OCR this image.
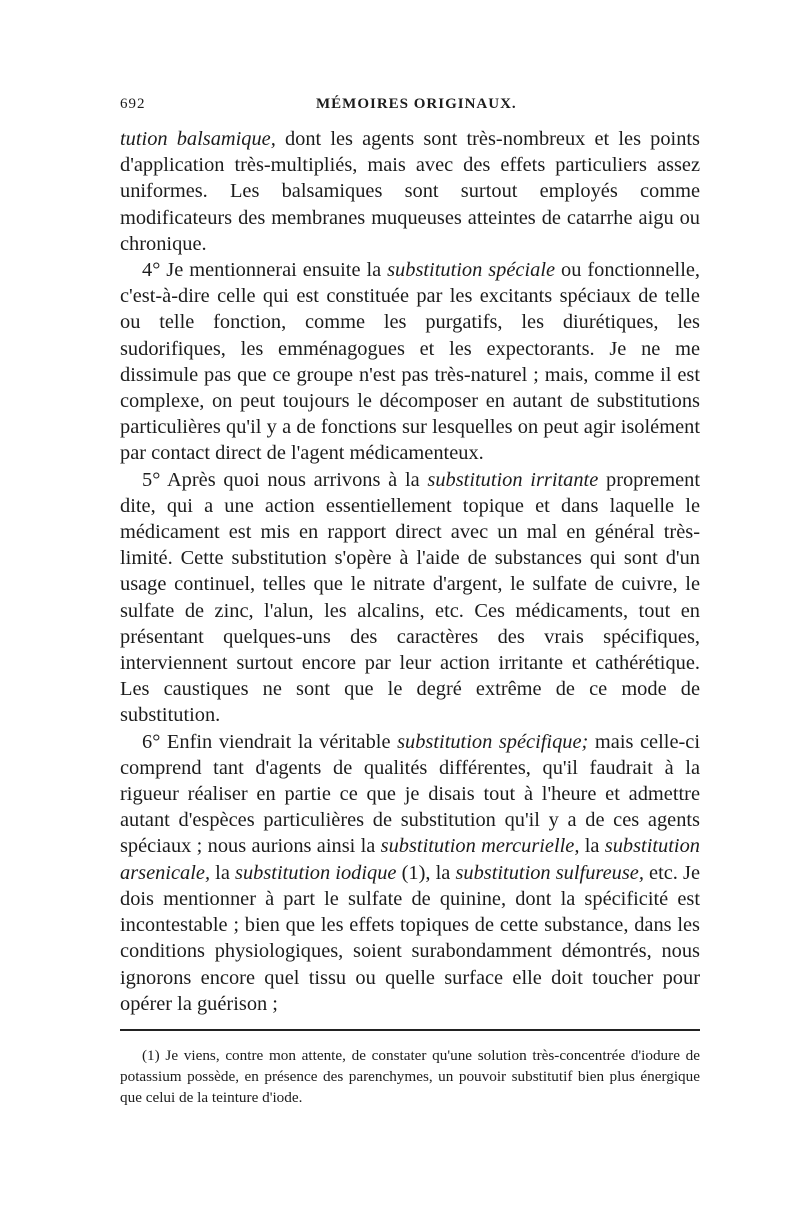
692	MÉMOIRES ORIGINAUX.

tution balsamique, dont les agents sont très-nombreux et les points d'application très-multipliés, mais avec des effets particuliers assez uniformes. Les balsamiques sont surtout employés comme modificateurs des membranes muqueuses atteintes de catarrhe aigu ou chronique.

4° Je mentionnerai ensuite la substitution spéciale ou fonctionnelle, c'est-à-dire celle qui est constituée par les excitants spéciaux de telle ou telle fonction, comme les purgatifs, les diurétiques, les sudorifiques, les emménagogues et les expectorants. Je ne me dissimule pas que ce groupe n'est pas très-naturel ; mais, comme il est complexe, on peut toujours le décomposer en autant de substitutions particulières qu'il y a de fonctions sur lesquelles on peut agir isolément par contact direct de l'agent médicamenteux.

5° Après quoi nous arrivons à la substitution irritante proprement dite, qui a une action essentiellement topique et dans laquelle le médicament est mis en rapport direct avec un mal en général très-limité. Cette substitution s'opère à l'aide de substances qui sont d'un usage continuel, telles que le nitrate d'argent, le sulfate de cuivre, le sulfate de zinc, l'alun, les alcalins, etc. Ces médicaments, tout en présentant quelques-uns des caractères des vrais spécifiques, interviennent surtout encore par leur action irritante et cathérétique. Les caustiques ne sont que le degré extrême de ce mode de substitution.

6° Enfin viendrait la véritable substitution spécifique; mais celle-ci comprend tant d'agents de qualités différentes, qu'il faudrait à la rigueur réaliser en partie ce que je disais tout à l'heure et admettre autant d'espèces particulières de substitution qu'il y a de ces agents spéciaux ; nous aurions ainsi la substitution mercurielle, la substitution arsenicale, la substitution iodique (1), la substitution sulfureuse, etc. Je dois mentionner à part le sulfate de quinine, dont la spécificité est incontestable ; bien que les effets topiques de cette substance, dans les conditions physiologiques, soient surabondamment démontrés, nous ignorons encore quel tissu ou quelle surface elle doit toucher pour opérer la guérison ;

(1) Je viens, contre mon attente, de constater qu'une solution très-concentrée d'iodure de potassium possède, en présence des parenchymes, un pouvoir substitutif bien plus énergique que celui de la teinture d'iode.
